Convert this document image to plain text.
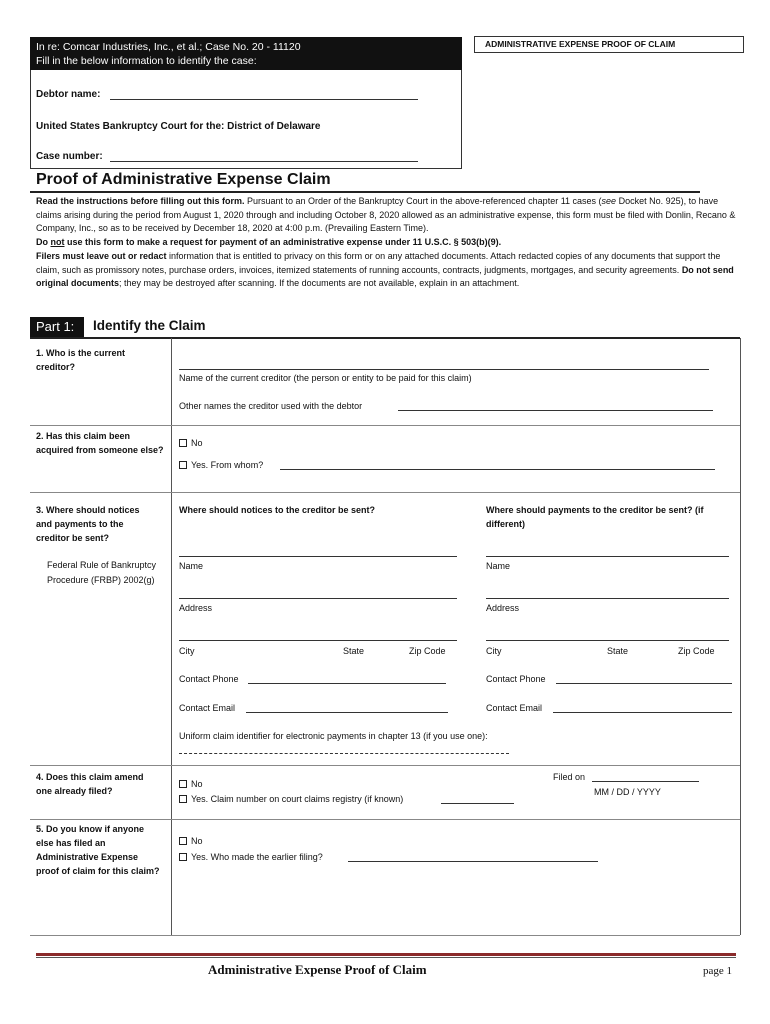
In re: Comcar Industries, Inc., et al.; Case No. 20 - 11120
Fill in the below information to identify the case:
ADMINISTRATIVE EXPENSE PROOF OF CLAIM
Debtor name:
United States Bankruptcy Court for the: District of Delaware
Case number:
Proof of Administrative Expense Claim

Read the instructions before filling out this form. Pursuant to an Order of the Bankruptcy Court in the above-referenced chapter 11 cases (see Docket No. 925), to have claims arising during the period from August 1, 2020 through and including October 8, 2020 allowed as an administrative expense, this form must be filed with Donlin, Recano & Company, Inc., so as to be received by December 18, 2020 at 4:00 p.m. (Prevailing Eastern Time).

Do not use this form to make a request for payment of an administrative expense under 11 U.S.C. § 503(b)(9).

Filers must leave out or redact information that is entitled to privacy on this form or on any attached documents. Attach redacted copies of any documents that support the claim, such as promissory notes, purchase orders, invoices, itemized statements of running accounts, contracts, judgments, mortgages, and security agreements. Do not send original documents; they may be destroyed after scanning. If the documents are not available, explain in an attachment.

Part 1:	Identify the Claim
1. Who is the current creditor?
Name of the current creditor (the person or entity to be paid for this claim)
Other names the creditor used with the debtor
2. Has this claim been acquired from someone else?
No
Yes. From whom?
3. Where should notices and payments to the creditor be sent?
Federal Rule of Bankruptcy Procedure (FRBP) 2002(g)
Where should notices to the creditor be sent?	Where should payments to the creditor be sent? (if different)
Name	Name
Address	Address
City	State	Zip Code	City	State	Zip Code
Contact Phone	Contact Phone
Contact Email	Contact Email
Uniform claim identifier for electronic payments in chapter 13 (if you use one):
4. Does this claim amend one already filed?
No
Yes. Claim number on court claims registry (if known)
Filed on
MM / DD / YYYY
5. Do you know if anyone else has filed an Administrative Expense proof of claim for this claim?
No
Yes. Who made the earlier filing?
Administrative Expense Proof of Claim	page 1
